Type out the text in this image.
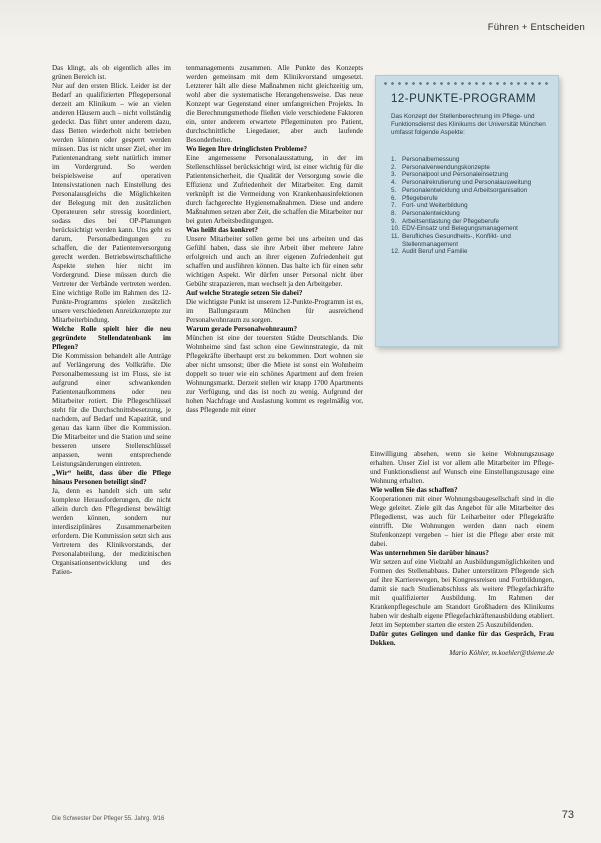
Führen + Entscheiden

Das klingt, als ob eigentlich alles im grünen Bereich ist.

Nur auf den ersten Blick. Leider ist der Bedarf an qualifizierten Pflegepersonal derzeit am Klinikum – wie an vielen anderen Häusern auch – nicht vollständig gedeckt. Das führt unter anderem dazu, dass Betten wiederholt nicht betrieben werden können oder gesperrt werden müssen. Das ist nicht unser Ziel, eher im Patientenandrang steht natürlich immer im Vordergrund. So werden beispielsweise auf operativen Intensivstationen nach Einstellung des Personalausgleichs die Möglichkeiten der Belegung mit den zusätzlichen Operateuren sehr stressig koordiniert, sodass dies bei OP-Planungen berücksichtigt werden kann. Uns geht es darum, Personalbedingungen zu schaffen, die der Patientenversorgung gerecht werden. Betriebswirtschaftliche Aspekte stehen hier nicht im Vordergrund. Diese müssen durch die Vertreter der Verbände vertreten werden. Eine wichtige Rolle im Rahmen des 12-Punkte-Programms spielen zusätzlich unsere verschiedenen Anreizkonzepte zur Mitarbeiterbindung.

Welche Rolle spielt hier die neu gegründete Stellendatenbank im Pflegen?

Die Kommission behandelt alle Anträge auf Verlängerung des Vollkräfte. Die Personalbemessung ist im Fluss, sie ist aufgrund einer schwankenden Patientenaufkommens oder neu Mitarbeiter rotiert. Die Pflegeschlüssel steht für die Durchschnittsbesetzung, je nachdem, auf Bedarf und Kapazität, und genau das kann über die Kommission. Die Mitarbeiter und die Station und seine besseren unsere Stellenschlüssel anpassen, wenn entsprechende Leistungsänderungen eintreten.

„Wir“ heißt, dass über die Pflege hinaus Personen beteiligt sind?

Ja, denn es handelt sich um sehr komplexe Herausforderungen, die nicht allein durch den Pflegedienst bewältigt werden können, sondern nur interdisziplinäres Zusammenarbeiten erfordern. Die Kommission setzt sich aus Vertretern des Klinikvorstands, der Personalabteilung, der medizinischen Organisationsentwicklung und des Patien-

tenmanagements zusammen. Alle Punkte des Konzepts werden gemeinsam mit dem Klinikvorstand umgesetzt. Letzterer hält alle diese Maßnahmen nicht gleichzeitig um, wohl aber die systematische Herangehensweise. Das neue Konzept war Gegenstand einer umfangreichen Projekts. In die Berechnungsmethode fließen viele verschiedene Faktoren ein, unter anderem erwartete Pflegeminuten pro Patient, durchschnittliche Liegedauer, aber auch laufende Besonderheiten.

Wo liegen Ihre dringlichsten Probleme?

Eine angemessene Personalausstattung, in der im Stellenschlüssel berücksichtigt wird, ist einer wichtig für die Patientensicherheit, die Qualität der Versorgung sowie die Effizienz und Zufriedenheit der Mitarbeiter. Eng damit verknüpft ist die Vermeidung von Krankenhausinfektionen durch fachgerechte Hygienemaßnahmen. Diese und andere Maßnahmen setzen aber Zeit, die schaffen die Mitarbeiter nur bei guten Arbeitsbedingungen.

Was heißt das konkret?

Unsere Mitarbeiter sollen gerne bei uns arbeiten und das Gefühl haben, dass sie ihre Arbeit über mehrere Jahre erfolgreich und auch an ihrer eigenen Zufriedenheit gut schaffen und ausführen können. Das halte ich für einen sehr wichtigen Aspekt. Wir dürfen unser Personal nicht über Gebühr strapazieren, man wechselt ja den Arbeitgeber.

Auf welche Strategie setzen Sie dabei?

Die wichtigste Punkt ist unserem 12-Punkte-Programm ist es, im Ballungsraum München für ausreichend Personalwohnraum zu sorgen.

Warum gerade Personalwohnraum?

München ist eine der teuersten Städte Deutschlands. Die Wohnheime sind fast schon eine Gewinnstrategie, da mit Pflegekräfte überhaupt erst zu bekommen. Dort wohnen sie aber nicht umsonst; über die Miete ist sonst ein Wohnheim doppelt so teuer wie ein schönes Apartment auf dem freien Wohnungsmarkt. Derzeit stellen wir knapp 1700 Apartments zur Verfügung, und das ist noch zu wenig. Aufgrund der hohen Nachfrage und Auslastung kommt es regelmäßig vor, dass Pflegende mit einer

Einwilligung absehen, wenn sie keine Wohnungszusage erhalten. Unser Ziel ist vor allem alle Mitarbeiter im Pflege- und Funktionsdienst auf Wunsch eine Einstellungszusage eine Wohnung erhalten.

Wie wollen Sie das schaffen?

Kooperationen mit einer Wohnungsbaugesellschaft sind in die Wege geleitet. Ziele gilt das Angebot für alle Mitarbeiter des Pflegedienst, was auch für Leiharbeiter oder Pflegekräfte eintrifft. Die Wohnungen werden dann nach einem Stufenkonzept vergeben – hier ist die Pflege aber erste mit dabei.

Was unternehmen Sie darüber hinaus?

Wir setzen auf eine Vielzahl an Ausbildungsmöglichkeiten und Formen des Stellenabbaus. Daher unterstützen Pflegende sich auf ihre Karrierewegen, bei Kongressreisen und Fortbildungen, damit sie nach Studienabschluss als weitere Pflegefachkräfte mit qualifizierter Ausbildung. Im Rahmen der Krankenpflegeschule am Standort Großhadern des Klinikums haben wir deshalb eigene Pflegefachkräftenausbildung etabliert. Jetzt im September starten die ersten 25 Auszubildenden.

Dafür gutes Gelingen und danke für das Gespräch, Frau Dokken.

Mario Köhler, m.koehler@thieme.de

12-PUNKTE-PROGRAMM

Das Konzept der Stellenberechnung im Pflege- und Funktionsdienst des Klinikums der Universität München umfasst folgende Aspekte:

1. Personalbemessung
2. Personalverwendungskonzepte
3. Personalpool und Personaleinsetzung
4. Personalrekrutierung und Personalausweitung
5. Personalentwicklung und Arbeitsorganisation
6. Pflegeberufe
7. Fort- und Weiterbildung
8. Personalentwicklung
9. Arbeitsentlastung der Pflegeberufe
10. EDV-Einsatz und Belegungsmanagement
11. Berufliches Gesundheits-, Konflikt- und Stellenmanagement
12. Audit Beruf und Familie
Die Schwester Der Pfleger 55. Jahrg. 9/16	73
